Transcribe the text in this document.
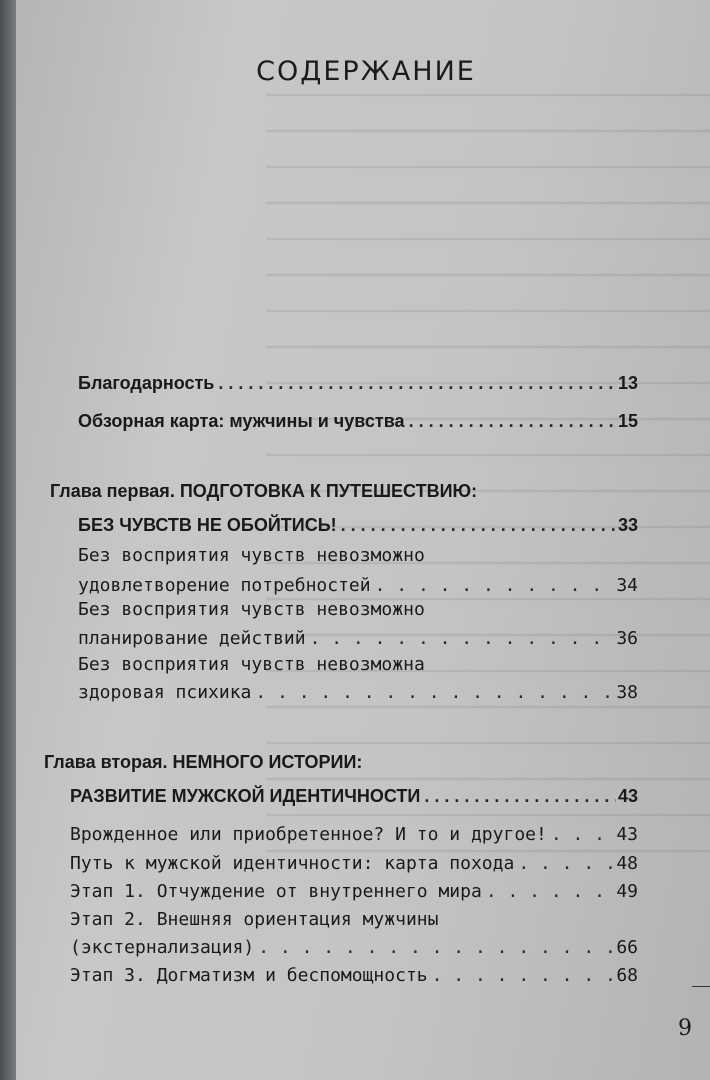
СОДЕРЖАНИЕ
Благодарность . . .	13
Обзорная карта: мужчины и чувства . . .	15
Глава первая. ПОДГОТОВКА К ПУТЕШЕСТВИЮ:
БЕЗ ЧУВСТВ НЕ ОБОЙТИСЬ! . . .	33
Без восприятия чувств невозможно
удовлетворение потребностей . . .	34
Без восприятия чувств невозможно
планирование действий . . .	36
Без восприятия чувств невозможна
здоровая психика . . .	38
Глава вторая. НЕМНОГО ИСТОРИИ:
РАЗВИТИЕ МУЖСКОЙ ИДЕНТИЧНОСТИ . . .	43
Врожденное или приобретенное? И то и другое! . . .	43
Путь к мужской идентичности: карта похода . . .	48
Этап 1. Отчуждение от внутреннего мира . . .	49
Этап 2. Внешняя ориентация мужчины
(экстернализация) . . .	66
Этап 3. Догматизм и беспомощность . . .	68
9
